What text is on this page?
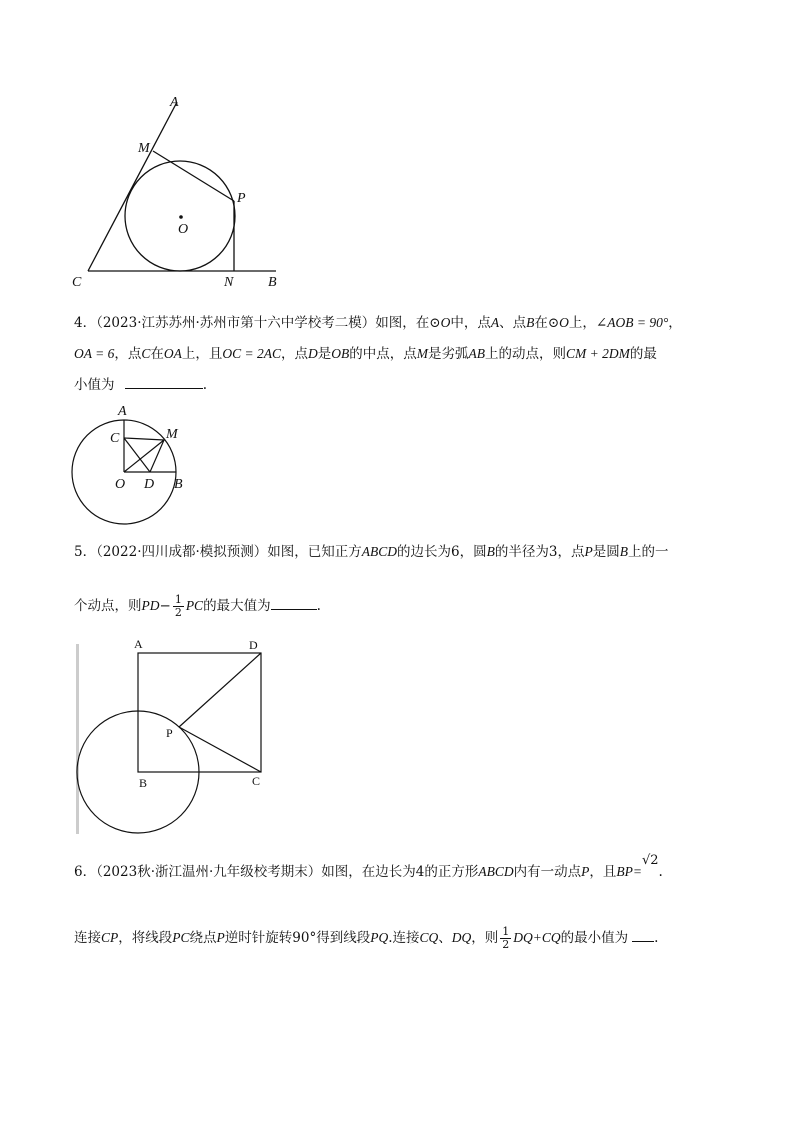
A
M
P
O
C	N B
4．（2023·江苏苏州·苏州市第十六中学校考二模）如图，在⊙O中，点A、点B在⊙O上，∠AOB = 90°，
OA = 6，点C在OA上，且OC = 2AC，点D是OB的中点，点M是劣弧AB上的动点，则CM + 2DM的最
小值为	.
A
C	M
O D B
5．（2022·四川成都·模拟预测）如图，已知正方ABCD的边长为6，圆B的半径为3，点P是圆B上的一
个动点，则$PD- \frac{1}{2}$ PC的最大值为	.
A	D
P
B	C
6．（2023秋·浙江温州·九年级校考期末）如图，在边长为4的正方形ABCD内有一动点P，且BP=√2.
连接CP，将线段PC绕点P逆时针旋转90°得到线段PQ.连接CQ、DQ，则 $\frac{1}{2} DQ+CQ$的最小值为 .
